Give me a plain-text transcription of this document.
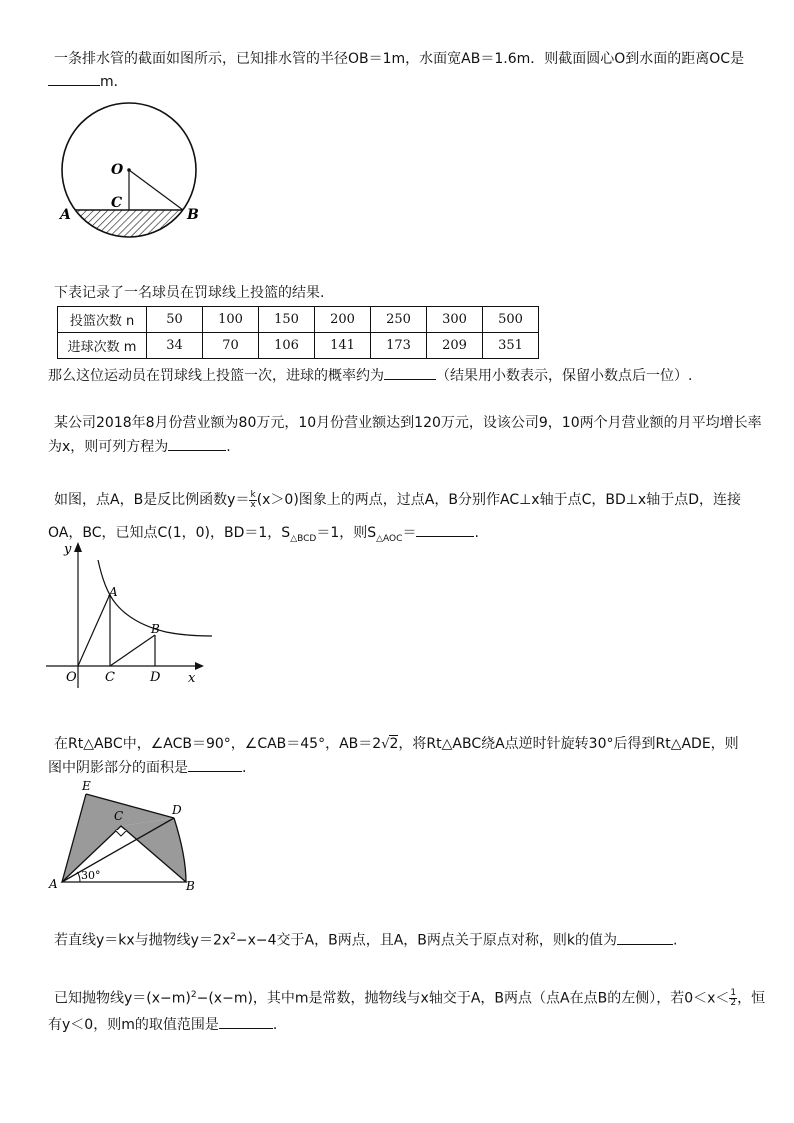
一条排水管的截面如图所示，已知排水管的半径OB＝1m，水面宽AB＝1.6m．则截面圆心O到水面的距离OC是
m．
O
C
A	B
下表记录了一名球员在罚球线上投篮的结果.
投篮次数 n	50	100	150	200	250	300	500
进球次数 m	34	70	106	141	173	209	351
那么这位运动员在罚球线上投篮一次，进球的概率约为	（结果用小数表示，保留小数点后一位）.
某公司2018年8月份营业额为80万元，10月份营业额达到120万元，设该公司9，10两个月营业额的月平均增长率
为x，则可列方程为	.
如图，点A，B是反比例函数$y= \frac{k}{x} (x>0)$图象上的两点，过点A，B分别作AC⊥x轴于点C，BD⊥x轴于点D，连接
OA，BC，已知点C(1，0)，BD＝1，$S_{\triangle BCD}=1$，则$S_{\triangle AOC}=$	.
y
x
O C	D
A
B
在Rt△ABC中，∠ACB＝90°，∠CAB＝45°，AB＝2√2，将Rt△ABC绕A点逆时针旋转30°后得到Rt△ADE，则
图中阴影部分的面积是	.
E
C	D
A	B
30°
若直线y＝kx与抛物线$y=2x^2-x-4$交于A，B两点，且A，B两点关于原点对称，则k的值为	.
已知抛物线$y=(x-m)^2-(x-m)$，其中m是常数，抛物线与x轴交于A，B两点（点A在点B的左侧），若$0<x< \frac{1}{2}$ ，恒
有y＜0，则m的取值范围是	.
